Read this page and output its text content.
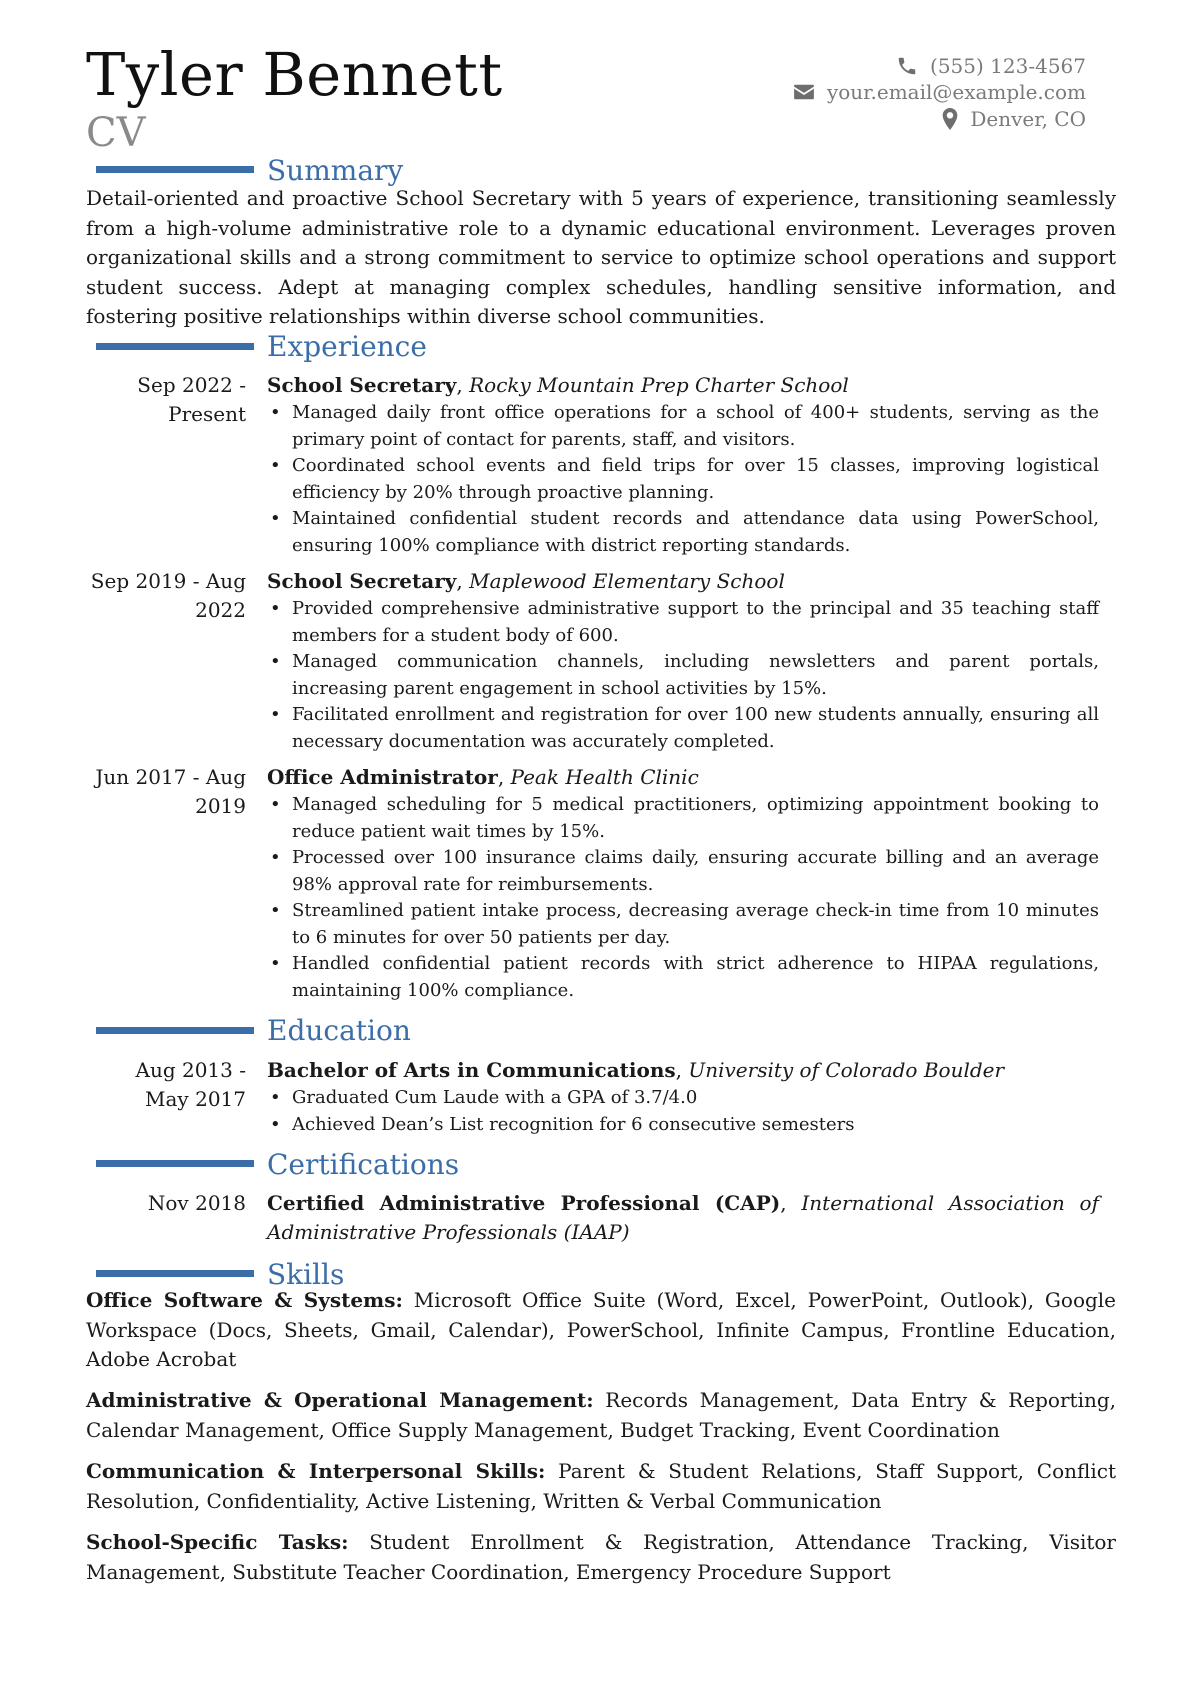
Tyler Bennett
CV
(555) 123-4567
your.email@example.com
Denver, CO
Summary
Detail-oriented and proactive School Secretary with 5 years of experience, transitioning seamlessly from a high-volume administrative role to a dynamic educational environment. Leverages proven organizational skills and a strong commitment to service to optimize school operations and support student success. Adept at managing complex schedules, handling sensitive information, and fostering positive relationships within diverse school communities.
Experience
Sep 2022 - Present
School Secretary, Rocky Mountain Prep Charter School
• Managed daily front office operations for a school of 400+ students, serving as the primary point of contact for parents, staff, and visitors.
• Coordinated school events and field trips for over 15 classes, improving logistical efficiency by 20% through proactive planning.
• Maintained confidential student records and attendance data using PowerSchool, ensuring 100% compliance with district reporting standards.
Sep 2019 - Aug 2022
School Secretary, Maplewood Elementary School
• Provided comprehensive administrative support to the principal and 35 teaching staff members for a student body of 600.
• Managed communication channels, including newsletters and parent portals, increasing parent engagement in school activities by 15%.
• Facilitated enrollment and registration for over 100 new students annually, ensuring all necessary documentation was accurately completed.
Jun 2017 - Aug 2019
Office Administrator, Peak Health Clinic
• Managed scheduling for 5 medical practitioners, optimizing appointment booking to reduce patient wait times by 15%.
• Processed over 100 insurance claims daily, ensuring accurate billing and an average 98% approval rate for reimbursements.
• Streamlined patient intake process, decreasing average check-in time from 10 minutes to 6 minutes for over 50 patients per day.
• Handled confidential patient records with strict adherence to HIPAA regulations, maintaining 100% compliance.
Education
Aug 2013 - May 2017
Bachelor of Arts in Communications, University of Colorado Boulder
• Graduated Cum Laude with a GPA of 3.7/4.0
• Achieved Dean’s List recognition for 6 consecutive semesters
Certifications
Nov 2018 Certified Administrative Professional (CAP), International Association of Administrative Professionals (IAAP)
Skills
Office Software & Systems: Microsoft Office Suite (Word, Excel, PowerPoint, Outlook), Google Workspace (Docs, Sheets, Gmail, Calendar), PowerSchool, Infinite Campus, Frontline Education, Adobe Acrobat
Administrative & Operational Management: Records Management, Data Entry & Reporting, Calendar Management, Office Supply Management, Budget Tracking, Event Coordination
Communication & Interpersonal Skills: Parent & Student Relations, Staff Support, Conflict Resolution, Confidentiality, Active Listening, Written & Verbal Communication
School-Specific Tasks: Student Enrollment & Registration, Attendance Tracking, Visitor Management, Substitute Teacher Coordination, Emergency Procedure Support
